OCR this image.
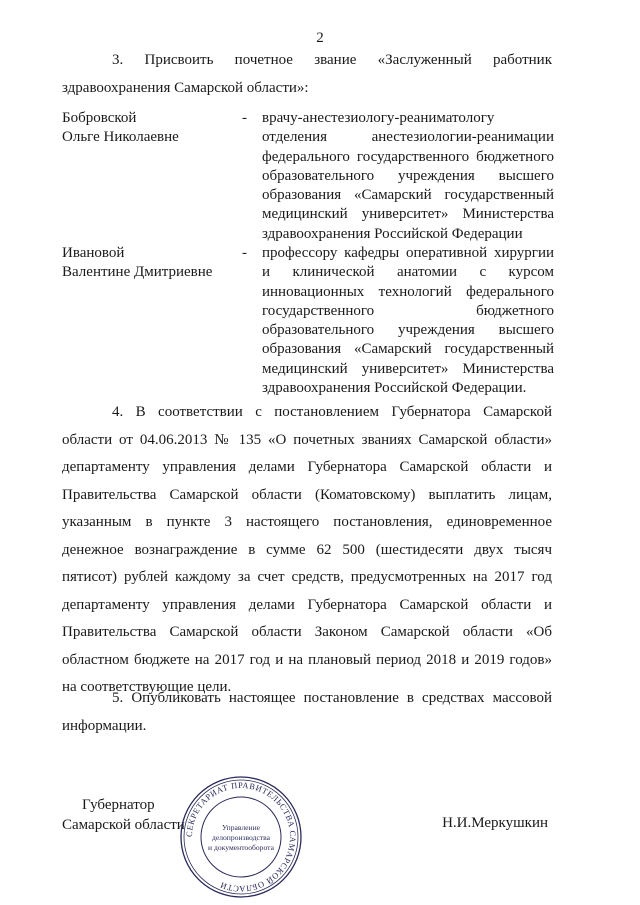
2

3. Присвоить почетное звание «Заслуженный работник здравоохранения Самарской области»:

Бобровской
Ольге Николаевне
- врачу-анестезиологу-реаниматологу отделения анестезиологии-реанимации федерального государственного бюджетного образовательного учреждения высшего образования «Самарский государственный медицинский университет» Министерства здравоохранения Российской Федерации

Ивановой
Валентине Дмитриевне
- профессору кафедры оперативной хирургии и клинической анатомии с курсом инновационных технологий федерального государственного бюджетного образовательного учреждения высшего образования «Самарский государственный медицинский университет» Министерства здравоохранения Российской Федерации.

4. В соответствии с постановлением Губернатора Самарской области от 04.06.2013 № 135 «О почетных званиях Самарской области» департаменту управления делами Губернатора Самарской области и Правительства Самарской области (Коматовскому) выплатить лицам, указанным в пункте 3 настоящего постановления, единовременное денежное вознаграждение в сумме 62 500 (шестидесяти двух тысяч пятисот) рублей каждому за счет средств, предусмотренных на 2017 год департаменту управления делами Губернатора Самарской области и Правительства Самарской области Законом Самарской области «Об областном бюджете на 2017 год и на плановый период 2018 и 2019 годов» на соответствующие цели.

5. Опубликовать настоящее постановление в средствах массовой информации.

Губернатор
Самарской области
СЕКРЕТАРИАТ ПРАВИТЕЛЬСТВА САМАРСКОЙ ОБЛАСТИ
Управление
делопроизводства
и документооборота
Н.И.Меркушкин
